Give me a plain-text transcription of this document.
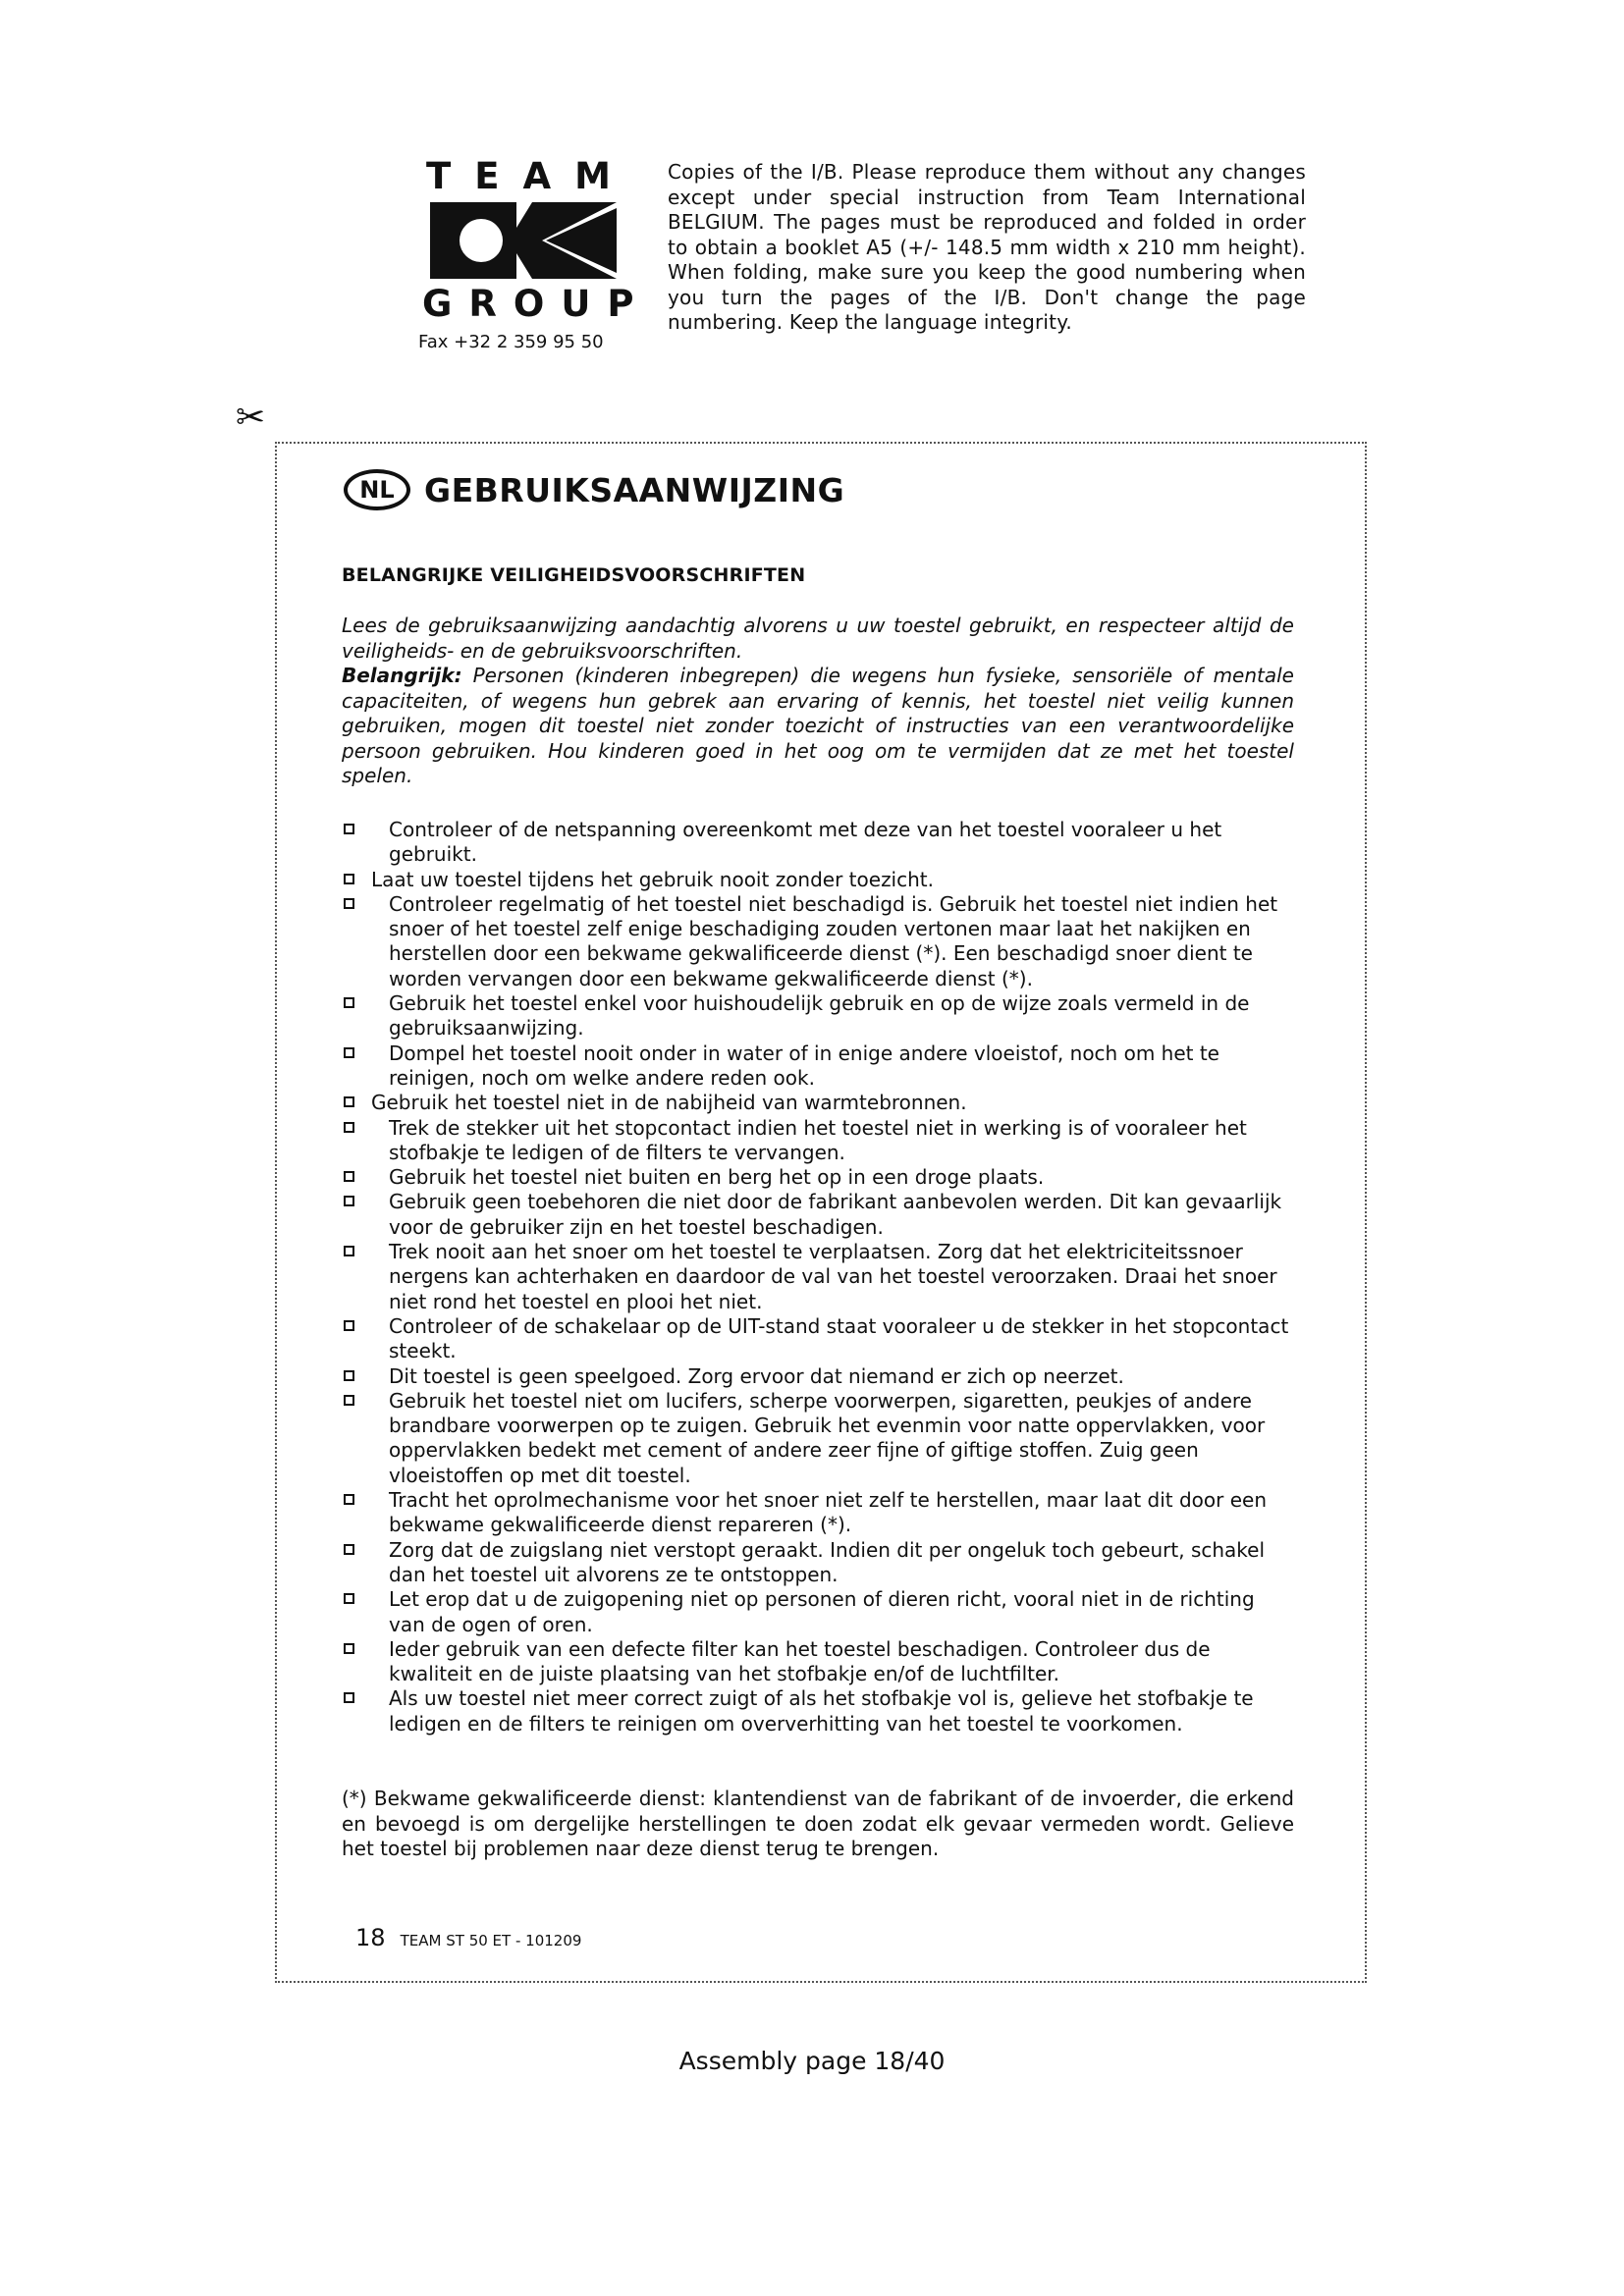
TEAM
GROUP
Fax +32 2 359 95 50
Copies of the I/B. Please reproduce them without any changes except under special instruction from Team International BELGIUM. The pages must be reproduced and folded in order to obtain a booklet A5 (+/- 148.5 mm width x 210 mm height). When folding, make sure you keep the good numbering when you turn the pages of the I/B. Don't change the page numbering. Keep the language integrity.
✂
NL GEBRUIKSAANWIJZING
BELANGRIJKE VEILIGHEIDSVOORSCHRIFTEN
Lees de gebruiksaanwijzing aandachtig alvorens u uw toestel gebruikt, en respecteer altijd de veiligheids- en de gebruiksvoorschriften.
Belangrijk: Personen (kinderen inbegrepen) die wegens hun fysieke, sensoriële of mentale capaciteiten, of wegens hun gebrek aan ervaring of kennis, het toestel niet veilig kunnen gebruiken, mogen dit toestel niet zonder toezicht of instructies van een verantwoordelijke persoon gebruiken. Hou kinderen goed in het oog om te vermijden dat ze met het toestel spelen.
Controleer of de netspanning overeenkomt met deze van het toestel vooraleer u het gebruikt.
Laat uw toestel tijdens het gebruik nooit zonder toezicht.
Controleer regelmatig of het toestel niet beschadigd is. Gebruik het toestel niet indien het snoer of het toestel zelf enige beschadiging zouden vertonen maar laat het nakijken en herstellen door een bekwame gekwalificeerde dienst (*). Een beschadigd snoer dient te worden vervangen door een bekwame gekwalificeerde dienst (*).
Gebruik het toestel enkel voor huishoudelijk gebruik en op de wijze zoals vermeld in de gebruiksaanwijzing.
Dompel het toestel nooit onder in water of in enige andere vloeistof, noch om het te reinigen, noch om welke andere reden ook.
Gebruik het toestel niet in de nabijheid van warmtebronnen.
Trek de stekker uit het stopcontact indien het toestel niet in werking is of vooraleer het stofbakje te ledigen of de filters te vervangen.
Gebruik het toestel niet buiten en berg het op in een droge plaats.
Gebruik geen toebehoren die niet door de fabrikant aanbevolen werden. Dit kan gevaarlijk voor de gebruiker zijn en het toestel beschadigen.
Trek nooit aan het snoer om het toestel te verplaatsen. Zorg dat het elektriciteitssnoer nergens kan achterhaken en daardoor de val van het toestel veroorzaken. Draai het snoer niet rond het toestel en plooi het niet.
Controleer of de schakelaar op de UIT-stand staat vooraleer u de stekker in het stopcontact steekt.
Dit toestel is geen speelgoed. Zorg ervoor dat niemand er zich op neerzet.
Gebruik het toestel niet om lucifers, scherpe voorwerpen, sigaretten, peukjes of andere brandbare voorwerpen op te zuigen. Gebruik het evenmin voor natte oppervlakken, voor oppervlakken bedekt met cement of andere zeer fijne of giftige stoffen. Zuig geen vloeistoffen op met dit toestel.
Tracht het oprolmechanisme voor het snoer niet zelf te herstellen, maar laat dit door een bekwame gekwalificeerde dienst repareren (*).
Zorg dat de zuigslang niet verstopt geraakt. Indien dit per ongeluk toch gebeurt, schakel dan het toestel uit alvorens ze te ontstoppen.
Let erop dat u de zuigopening niet op personen of dieren richt, vooral niet in de richting van de ogen of oren.
Ieder gebruik van een defecte filter kan het toestel beschadigen. Controleer dus de kwaliteit en de juiste plaatsing van het stofbakje en/of de luchtfilter.
Als uw toestel niet meer correct zuigt of als het stofbakje vol is, gelieve het stofbakje te ledigen en de filters te reinigen om oververhitting van het toestel te voorkomen.
(*) Bekwame gekwalificeerde dienst: klantendienst van de fabrikant of de invoerder, die erkend en bevoegd is om dergelijke herstellingen te doen zodat elk gevaar vermeden wordt. Gelieve het toestel bij problemen naar deze dienst terug te brengen.
18 TEAM ST 50 ET - 101209
Assembly page 18/40
